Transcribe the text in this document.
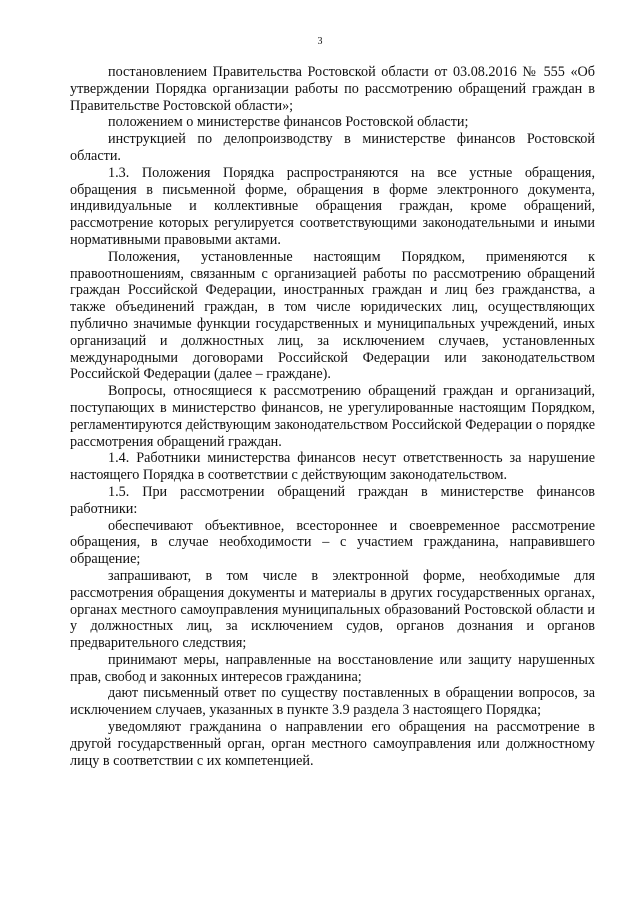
3

постановлением Правительства Ростовской области от 03.08.2016 № 555 «Об утверждении Порядка организации работы по рассмотрению обращений граждан в Правительстве Ростовской области»;

положением о министерстве финансов Ростовской области;

инструкцией по делопроизводству в министерстве финансов Ростовской области.

1.3. Положения Порядка распространяются на все устные обращения, обращения в письменной форме, обращения в форме электронного документа, индивидуальные и коллективные обращения граждан, кроме обращений, рассмотрение которых регулируется соответствующими законодательными и иными нормативными правовыми актами.

Положения, установленные настоящим Порядком, применяются к правоотношениям, связанным с организацией работы по рассмотрению обращений граждан Российской Федерации, иностранных граждан и лиц без гражданства, а также объединений граждан, в том числе юридических лиц, осуществляющих публично значимые функции государственных и муниципальных учреждений, иных организаций и должностных лиц, за исключением случаев, установленных международными договорами Российской Федерации или законодательством Российской Федерации (далее – граждане).

Вопросы, относящиеся к рассмотрению обращений граждан и организаций, поступающих в министерство финансов, не урегулированные настоящим Порядком, регламентируются действующим законодательством Российской Федерации о порядке рассмотрения обращений граждан.

1.4. Работники министерства финансов несут ответственность за нарушение настоящего Порядка в соответствии с действующим законодательством.

1.5. При рассмотрении обращений граждан в министерстве финансов работники:

обеспечивают объективное, всестороннее и своевременное рассмотрение обращения, в случае необходимости – с участием гражданина, направившего обращение;

запрашивают, в том числе в электронной форме, необходимые для рассмотрения обращения документы и материалы в других государственных органах, органах местного самоуправления муниципальных образований Ростовской области и у должностных лиц, за исключением судов, органов дознания и органов предварительного следствия;

принимают меры, направленные на восстановление или защиту нарушенных прав, свобод и законных интересов гражданина;

дают письменный ответ по существу поставленных в обращении вопросов, за исключением случаев, указанных в пункте 3.9 раздела 3 настоящего Порядка;

уведомляют гражданина о направлении его обращения на рассмотрение в другой государственный орган, орган местного самоуправления или должностному лицу в соответствии с их компетенцией.
